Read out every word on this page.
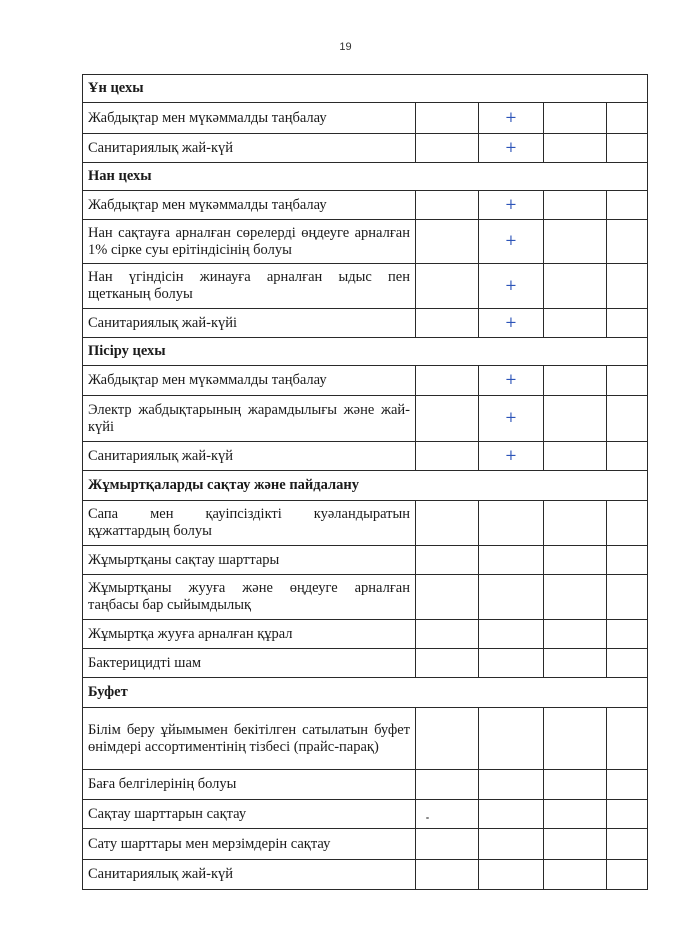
19
Ұн цехы				
Жабдықтар мен мүкәммалды таңбалау		+		
Санитариялық жай-күй		+		
Нан цехы				
Жабдықтар мен мүкәммалды таңбалау		+		
Нан сақтауға арналған сөрелерді өңдеуге арналған 1% сірке суы ерітіндісінің болуы		+		
Нан үгіндісін жинауға арналған ыдыс пен щетканың болуы		+		
Санитариялық жай-күйі		+		
Пісіру цехы				
Жабдықтар мен мүкәммалды таңбалау		+		
Электр жабдықтарының жарамдылығы және жай-күйі		+		
Санитариялық жай-күй		+		
Жұмыртқаларды сақтау және пайдалану				
Сапа мен қауіпсіздікті куәландыратын құжаттардың болуы				
Жұмыртқаны сақтау шарттары				
Жұмыртқаны жууға және өңдеуге арналған таңбасы бар сыйымдылық				
Жұмыртқа жууға арналған құрал				
Бактерицидті шам				
Буфет				
Білім беру ұйымымен бекітілген сатылатын буфет өнімдері ассортиментінің тізбесі (прайс-парақ)				
Баға белгілерінің болуы				
Сақтау шарттарын сақтау				
Сату шарттары мен мерзімдерін сақтау				
Санитариялық жай-күй				
